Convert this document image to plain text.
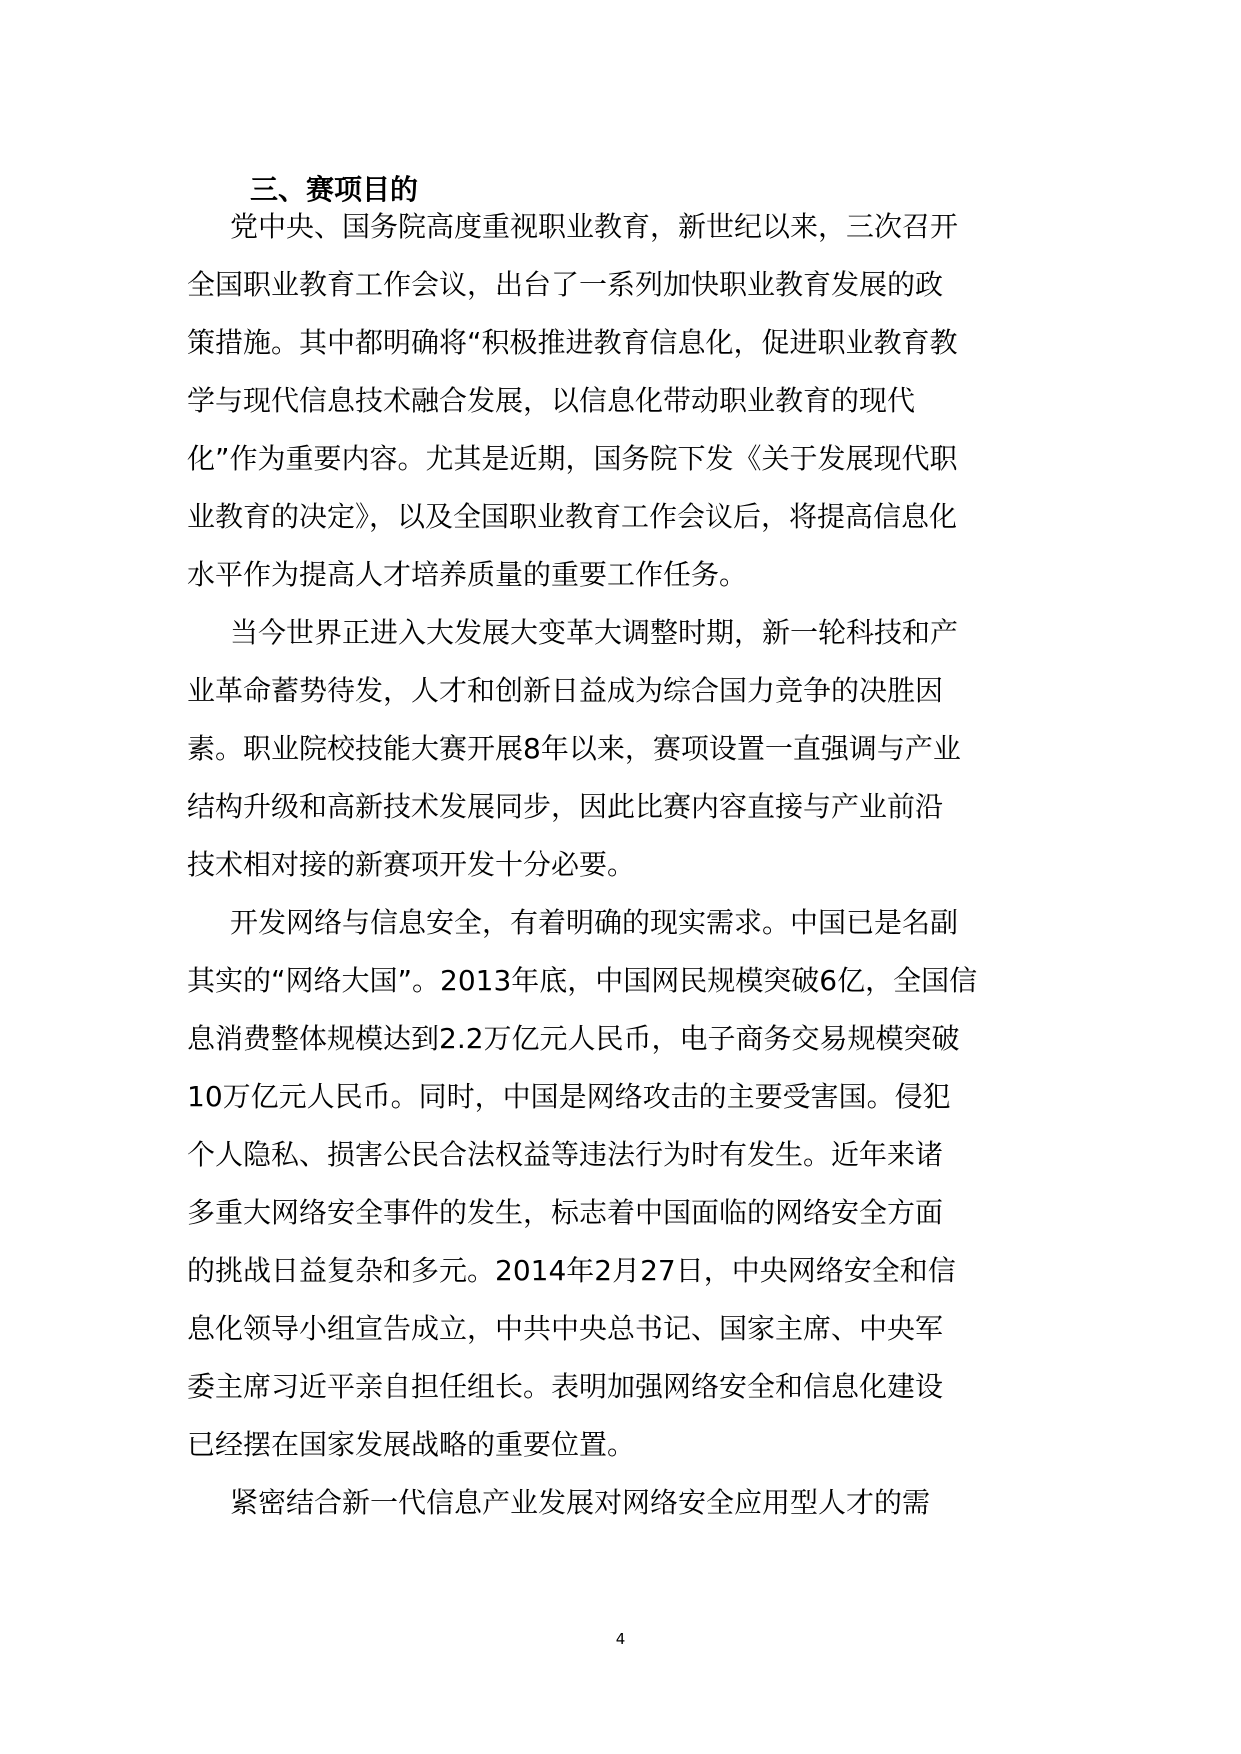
三、赛项目的
党中央、国务院高度重视职业教育，新世纪以来，三次召开
全国职业教育工作会议，出台了一系列加快职业教育发展的政
策措施。其中都明确将“积极推进教育信息化，促进职业教育教
学与现代信息技术融合发展，以信息化带动职业教育的现代
化”作为重要内容。尤其是近期，国务院下发《关于发展现代职
业教育的决定》，以及全国职业教育工作会议后，将提高信息化
水平作为提高人才培养质量的重要工作任务。
当今世界正进入大发展大变革大调整时期，新一轮科技和产
业革命蓄势待发，人才和创新日益成为综合国力竞争的决胜因
素。职业院校技能大赛开展8年以来，赛项设置一直强调与产业
结构升级和高新技术发展同步，因此比赛内容直接与产业前沿
技术相对接的新赛项开发十分必要。
开发网络与信息安全，有着明确的现实需求。中国已是名副
其实的“网络大国”。2013年底，中国网民规模突破6亿，全国信
息消费整体规模达到2.2万亿元人民币，电子商务交易规模突破
10万亿元人民币。同时，中国是网络攻击的主要受害国。侵犯
个人隐私、损害公民合法权益等违法行为时有发生。近年来诸
多重大网络安全事件的发生，标志着中国面临的网络安全方面
的挑战日益复杂和多元。2014年2月27日，中央网络安全和信
息化领导小组宣告成立，中共中央总书记、国家主席、中央军
委主席习近平亲自担任组长。表明加强网络安全和信息化建设
已经摆在国家发展战略的重要位置。
紧密结合新一代信息产业发展对网络安全应用型人才的需
4
